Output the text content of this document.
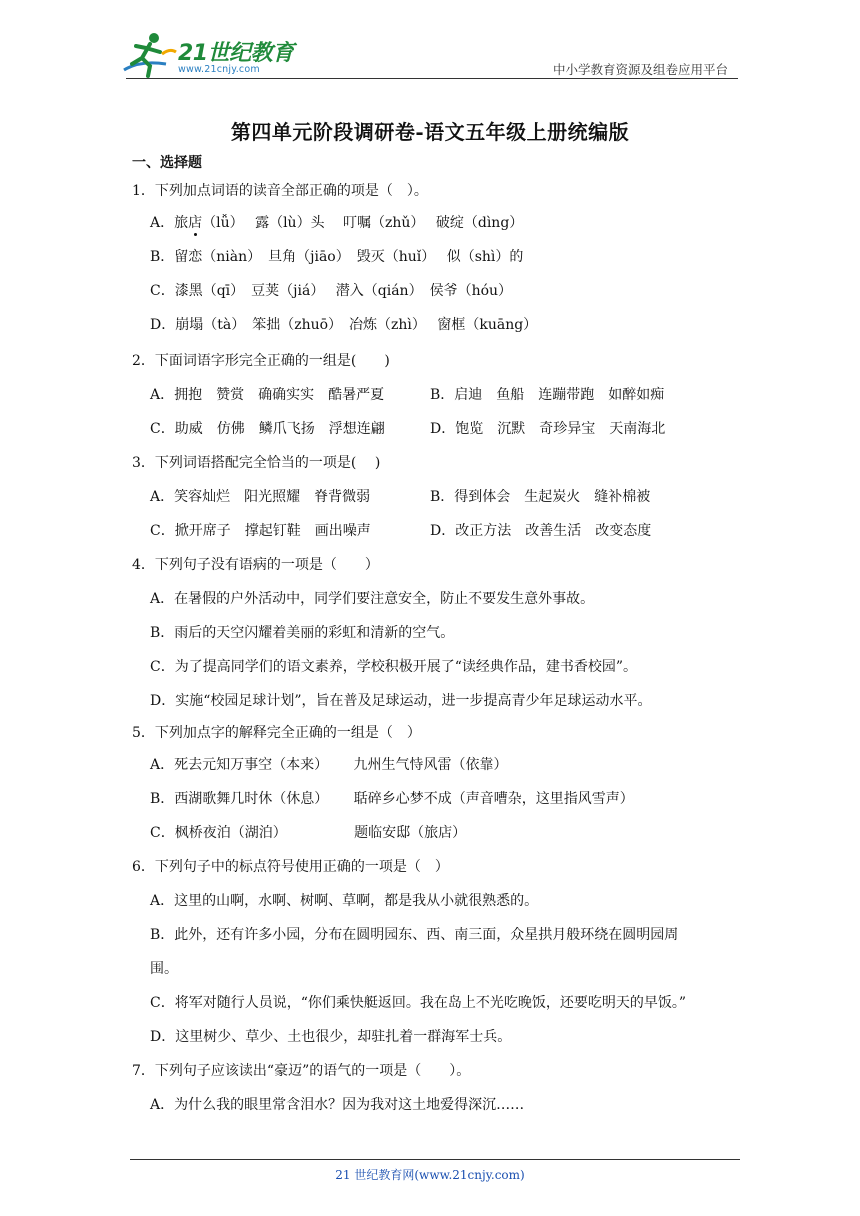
21世纪教育
www.21cnjy.com	中小学教育资源及组卷应用平台
第四单元阶段调研卷-语文五年级上册统编版
一、选择题
1．下列加点词语的读音全部正确的项是（　）。
A．旅店（lǚ）　 露（lù）头　 叮嘱（zhǔ）　 破绽（dìng）
B．留恋（niàn）　旦角（jiāo）　毁灭（huǐ）　 似（shì）的
C．漆黑（qī）　豆荚（jiá）　 潜入（qián）　侯爷（hóu）
D．崩塌（tà）　笨拙（zhuō）　冶炼（zhì）　 窗框（kuāng）
2．下面词语字形完全正确的一组是(　　)
A．拥抱　赞赏　确确实实　酷暑严夏	B．启迪　鱼船　连蹦带跑　如醉如痴
C．助威　仿佛　鳞爪飞扬　浮想连翩	D．饱览　沉默　奇珍异宝　天南海北
3．下列词语搭配完全恰当的一项是(　 )
A．笑容灿烂　阳光照耀　脊背微弱	B．得到体会　生起炭火　缝补棉被
C．掀开席子　撑起钉鞋　画出噪声	D．改正方法　改善生活　改变态度
4．下列句子没有语病的一项是（　　）
A．在暑假的户外活动中，同学们要注意安全，防止不要发生意外事故。
B．雨后的天空闪耀着美丽的彩虹和清新的空气。
C．为了提高同学们的语文素养，学校积极开展了“读经典作品，建书香校园”。
D．实施“校园足球计划”，旨在普及足球运动，进一步提高青少年足球运动水平。
5．下列加点字的解释完全正确的一组是（　）
A．死去元知万事空（本来）　　 九州生气恃风雷（依靠）
B．西湖歌舞几时休（休息）　　 聒碎乡心梦不成（声音嘈杂，这里指风雪声）
C．枫桥夜泊（湖泊）　　　　　 题临安邸（旅店）
6．下列句子中的标点符号使用正确的一项是（　）
A．这里的山啊，水啊、树啊、草啊，都是我从小就很熟悉的。
B．此外，还有许多小园，分布在圆明园东、西、南三面，众星拱月般环绕在圆明园周
围。
C．将军对随行人员说，“你们乘快艇返回。我在岛上不光吃晚饭，还要吃明天的早饭。”
D．这里树少、草少、土也很少，却驻扎着一群海军士兵。
7．下列句子应该读出“豪迈”的语气的一项是（　　）。
A．为什么我的眼里常含泪水？因为我对这土地爱得深沉……
21 世纪教育网(www.21cnjy.com)
